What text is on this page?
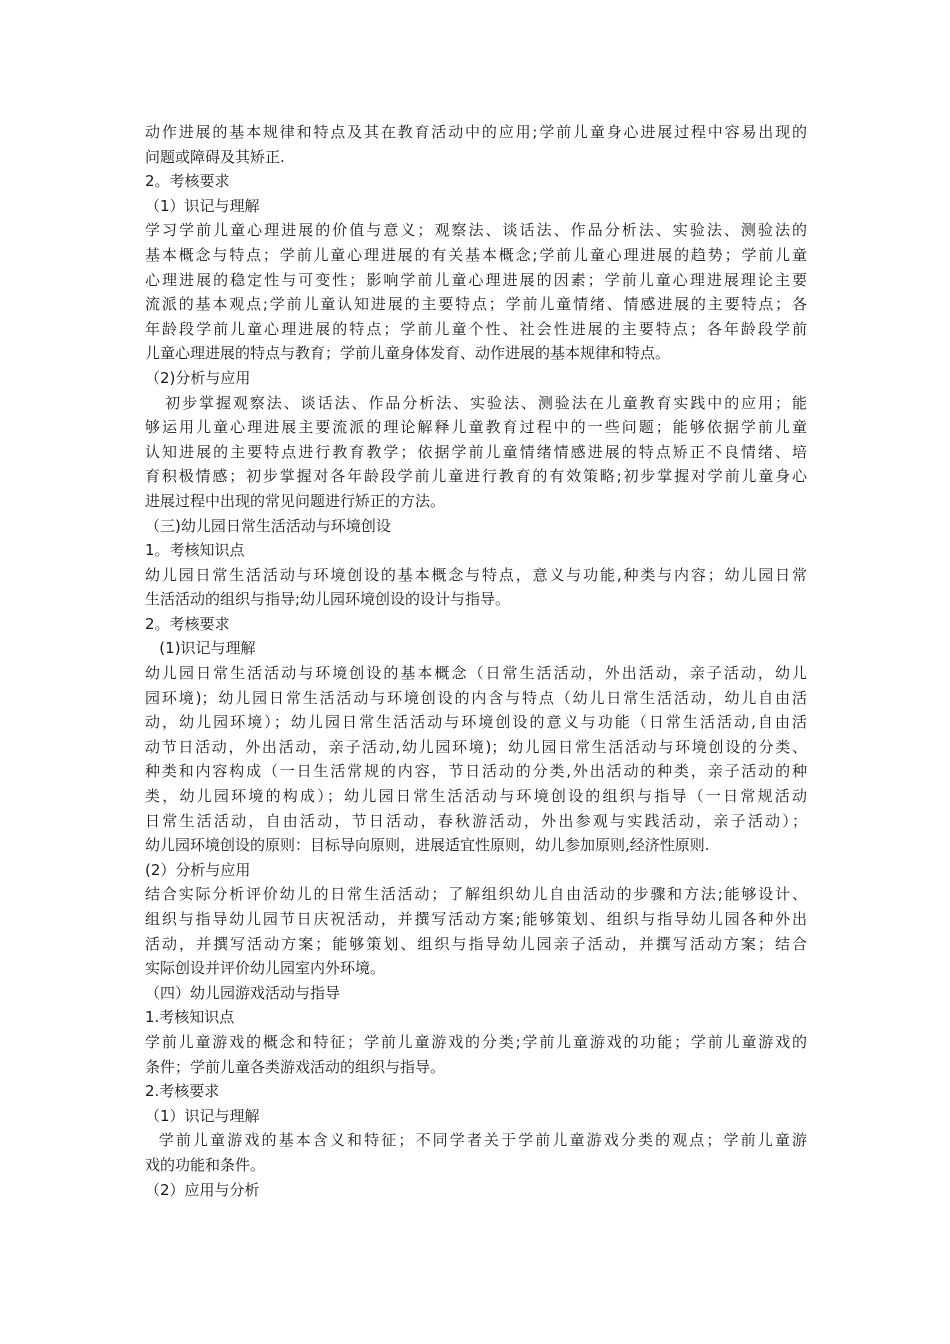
动作进展的基本规律和特点及其在教育活动中的应用;学前儿童身心进展过程中容易出现的
问题或障碍及其矫正.
2。考核要求
（1）识记与理解
学习学前儿童心理进展的价值与意义；观察法、谈话法、作品分析法、实验法、测验法的
基本概念与特点；学前儿童心理进展的有关基本概念;学前儿童心理进展的趋势；学前儿童
心理进展的稳定性与可变性；影响学前儿童心理进展的因素；学前儿童心理进展理论主要
流派的基本观点;学前儿童认知进展的主要特点；学前儿童情绪、情感进展的主要特点；各
年龄段学前儿童心理进展的特点；学前儿童个性、社会性进展的主要特点；各年龄段学前
儿童心理进展的特点与教育；学前儿童身体发育、动作进展的基本规律和特点。
（2)分析与应用
初步掌握观察法、谈话法、作品分析法、实验法、测验法在儿童教育实践中的应用；能
够运用儿童心理进展主要流派的理论解释儿童教育过程中的一些问题；能够依据学前儿童
认知进展的主要特点进行教育教学；依据学前儿童情绪情感进展的特点矫正不良情绪、培
育积极情感；初步掌握对各年龄段学前儿童进行教育的有效策略;初步掌握对学前儿童身心
进展过程中出现的常见问题进行矫正的方法。
（三)幼儿园日常生活活动与环境创设
1。考核知识点
幼儿园日常生活活动与环境创设的基本概念与特点，意义与功能,种类与内容；幼儿园日常
生活活动的组织与指导;幼儿园环境创设的设计与指导。
2。考核要求
(1)识记与理解
幼儿园日常生活活动与环境创设的基本概念（日常生活活动，外出活动，亲子活动，幼儿
园环境)；幼儿园日常生活活动与环境创设的内含与特点（幼儿日常生活活动，幼儿自由活
动，幼儿园环境）；幼儿园日常生活活动与环境创设的意义与功能（日常生活活动,自由活
动节日活动，外出活动，亲子活动,幼儿园环境)；幼儿园日常生活活动与环境创设的分类、
种类和内容构成（一日生活常规的内容，节日活动的分类,外出活动的种类，亲子活动的种
类，幼儿园环境的构成）；幼儿园日常生活活动与环境创设的组织与指导（一日常规活动
日常生活活动，自由活动，节日活动，春秋游活动，外出参观与实践活动，亲子活动）；
幼儿园环境创设的原则：目标导向原则，进展适宜性原则，幼儿参加原则,经济性原则.
(2）分析与应用
结合实际分析评价幼儿的日常生活活动；了解组织幼儿自由活动的步骤和方法;能够设计、
组织与指导幼儿园节日庆祝活动，并撰写活动方案;能够策划、组织与指导幼儿园各种外出
活动，并撰写活动方案；能够策划、组织与指导幼儿园亲子活动，并撰写活动方案；结合
实际创设并评价幼儿园室内外环境。
（四）幼儿园游戏活动与指导
1.考核知识点
学前儿童游戏的概念和特征；学前儿童游戏的分类;学前儿童游戏的功能；学前儿童游戏的
条件；学前儿童各类游戏活动的组织与指导。
2.考核要求
（1）识记与理解
学前儿童游戏的基本含义和特征；不同学者关于学前儿童游戏分类的观点；学前儿童游
戏的功能和条件。
（2）应用与分析
